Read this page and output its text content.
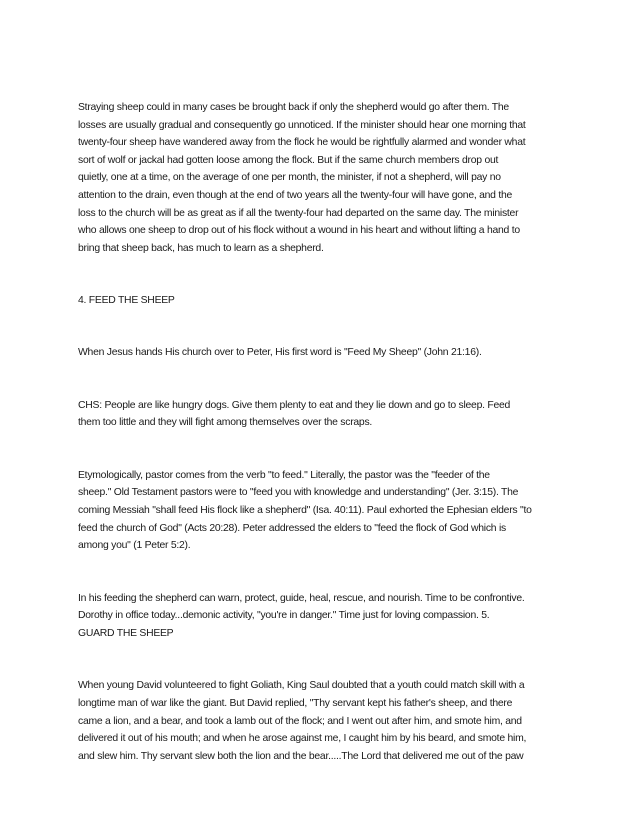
Straying sheep could in many cases be brought back if only the shepherd would go after them. The
losses are usually gradual and consequently go unnoticed. If the minister should hear one morning that
twenty-four sheep have wandered away from the flock he would be rightfully alarmed and wonder what
sort of wolf or jackal had gotten loose among the flock. But if the same church members drop out
quietly, one at a time, on the average of one per month, the minister, if not a shepherd, will pay no
attention to the drain, even though at the end of two years all the twenty-four will have gone, and the
loss to the church will be as great as if all the twenty-four had departed on the same day. The minister
who allows one sheep to drop out of his flock without a wound in his heart and without lifting a hand to
bring that sheep back, has much to learn as a shepherd.

4. FEED THE SHEEP

When Jesus hands His church over to Peter, His first word is "Feed My Sheep" (John 21:16).

CHS: People are like hungry dogs. Give them plenty to eat and they lie down and go to sleep. Feed
them too little and they will fight among themselves over the scraps.

Etymologically, pastor comes from the verb "to feed." Literally, the pastor was the "feeder of the
sheep." Old Testament pastors were to "feed you with knowledge and understanding" (Jer. 3:15). The
coming Messiah "shall feed His flock like a shepherd" (Isa. 40:11). Paul exhorted the Ephesian elders "to
feed the church of God" (Acts 20:28). Peter addressed the elders to "feed the flock of God which is
among you" (1 Peter 5:2).

In his feeding the shepherd can warn, protect, guide, heal, rescue, and nourish. Time to be confrontive.
Dorothy in office today...demonic activity, "you're in danger." Time just for loving compassion. 5.
GUARD THE SHEEP

When young David volunteered to fight Goliath, King Saul doubted that a youth could match skill with a
longtime man of war like the giant. But David replied, "Thy servant kept his father's sheep, and there
came a lion, and a bear, and took a lamb out of the flock; and I went out after him, and smote him, and
delivered it out of his mouth; and when he arose against me, I caught him by his beard, and smote him,
and slew him. Thy servant slew both the lion and the bear.....The Lord that delivered me out of the paw
